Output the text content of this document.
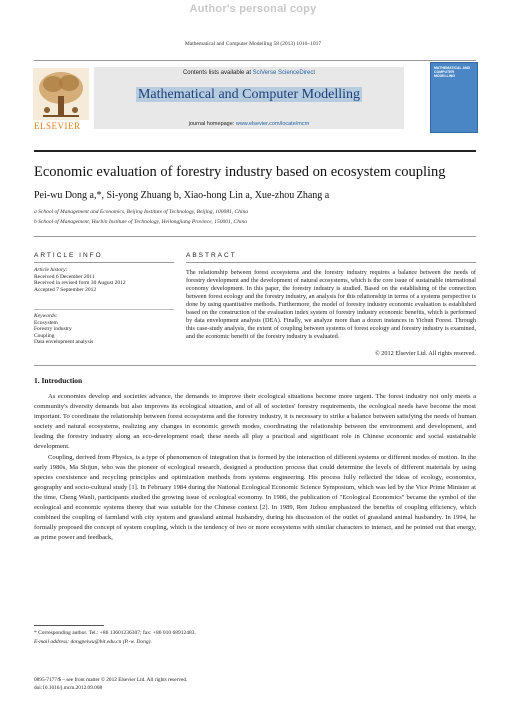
Author's personal copy
Mathematical and Computer Modelling 58 (2013) 1010–1017
ELSEVIER
Contents lists available at SciVerse ScienceDirect
Mathematical and Computer Modelling
journal homepage: www.elsevier.com/locate/mcm
MATHEMATICAL AND COMPUTER MODELLING
Economic evaluation of forestry industry based on ecosystem coupling
Pei-wu Dong a,*, Si-yong Zhuang b, Xiao-hong Lin a, Xue-zhou Zhang a
a School of Management and Economics, Beijing Institute of Technology, Beijing, 100081, China
b School of Management, Harbin Institute of Technology, Heilongjiang Province, 150001, China
ARTICLE INFO
Article history:
Received 6 December 2011
Received in revised form 30 August 2012
Accepted 7 September 2012
Keywords:
Ecosystem
Forestry industry
Coupling
Data envelopment analysis
ABSTRACT
The relationship between forest ecosystems and the forestry industry requires a balance between the needs of forestry development and the development of natural ecosystems, which is the core issue of sustainable international economy development. In this paper, the forestry industry is studied. Based on the establishing of the connection between forest ecology and the forestry industry, an analysis for this relationship in terms of a systems perspective is done by using quantitative methods. Furthermore, the model of forestry industry economic evaluation is established based on the construction of the evaluation index system of forestry industry economic benefits, which is performed by data envelopment analysis (DEA). Finally, we analyze more than a dozen instances in Yichun Forest. Through this case-study analysis, the extent of coupling between systems of forest ecology and forestry industry is examined, and the economic benefit of the forestry industry is evaluated.
© 2012 Elsevier Ltd. All rights reserved.
1. Introduction

As economies develop and societies advance, the demands to improve their ecological situations become more urgent. The forest industry not only meets a community's diversity demands but also improves its ecological situation, and of all of societies' forestry requirements, the ecological needs have become the most important. To coordinate the relationship between forest ecosystems and the forestry industry, it is necessary to strike a balance between satisfying the needs of human society and natural ecosystems, realizing any changes in economic growth modes, coordinating the relationship between the environment and development, and leading the forestry industry along an eco-development road; these needs all play a practical and significant role in Chinese economic and social sustainable development.

Coupling, derived from Physics, is a type of phenomenon of integration that is formed by the interaction of different systems or different modes of motion. In the early 1980s, Ma Shijun, who was the pioneer of ecological research, designed a production process that could determine the levels of different materials by using species coexistence and recycling principles and optimization methods from systems engineering. His process fully reflected the ideas of ecology, economics, geography and socio-cultural study [1]. In February 1984 during the National Ecological Economic Science Symposium, which was led by the Vice Prime Minister at the time, Cheng Wanli, participants studied the growing issue of ecological economy. In 1986, the publication of "Ecological Economics" became the symbol of the ecological and economic systems theory that was suitable for the Chinese context [2]. In 1989, Ren Jizhou emphasized the benefits of coupling efficiency, which combined the coupling of farmland with city system and grassland animal husbandry, during his discussion of the outlet of grassland animal husbandry. In 1994, he formally proposed the concept of system coupling, which is the tendency of two or more ecosystems with similar characters to interact, and he pointed out that energy, as prime power and feedback,

* Corresponding author. Tel.: +86 13601236307; fax: +86 010 68912483.
E-mail address: dongpeiwu@bit.edu.cn (P.-w. Dong).
0895-7177/$ – see front matter © 2012 Elsevier Ltd. All rights reserved.
doi:10.1016/j.mcm.2012.09.008
